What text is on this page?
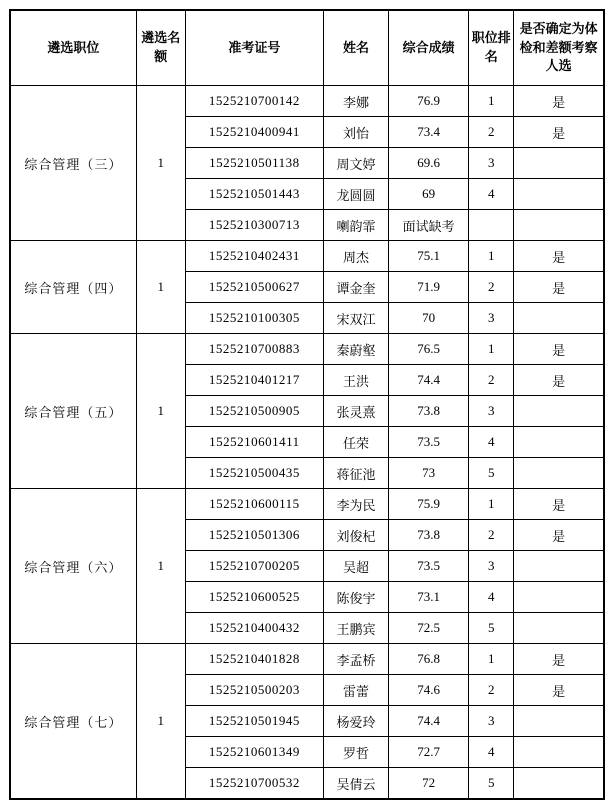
遴选职位	遴选名额	准考证号	姓名	综合成绩	职位排名	是否确定为体检和差额考察人选
综合管理（三）	1	1525210700142	李娜	76.9	1	是
		1525210400941	刘怡	73.4	2	是
		1525210501138	周文婷	69.6	3	
		1525210501443	龙圆圆	69	4	
		1525210300713	喇韵霏	面试缺考		
综合管理（四）	1	1525210402431	周杰	75.1	1	是
		1525210500627	谭金奎	71.9	2	是
		1525210100305	宋双江	70	3	
综合管理（五）	1	1525210700883	秦蔚壑	76.5	1	是
		1525210401217	王洪	74.4	2	是
		1525210500905	张灵熹	73.8	3	
		1525210601411	任荣	73.5	4	
		1525210500435	蒋征池	73	5	
综合管理（六）	1	1525210600115	李为民	75.9	1	是
		1525210501306	刘俊杞	73.8	2	是
		1525210700205	吴超	73.5	3	
		1525210600525	陈俊宇	73.1	4	
		1525210400432	王鹏宾	72.5	5	
综合管理（七）	1	1525210401828	李孟桥	76.8	1	是
		1525210500203	雷蕾	74.6	2	是
		1525210501945	杨爱玲	74.4	3	
		1525210601349	罗哲	72.7	4	
		1525210700532	吴倩云	72	5	
